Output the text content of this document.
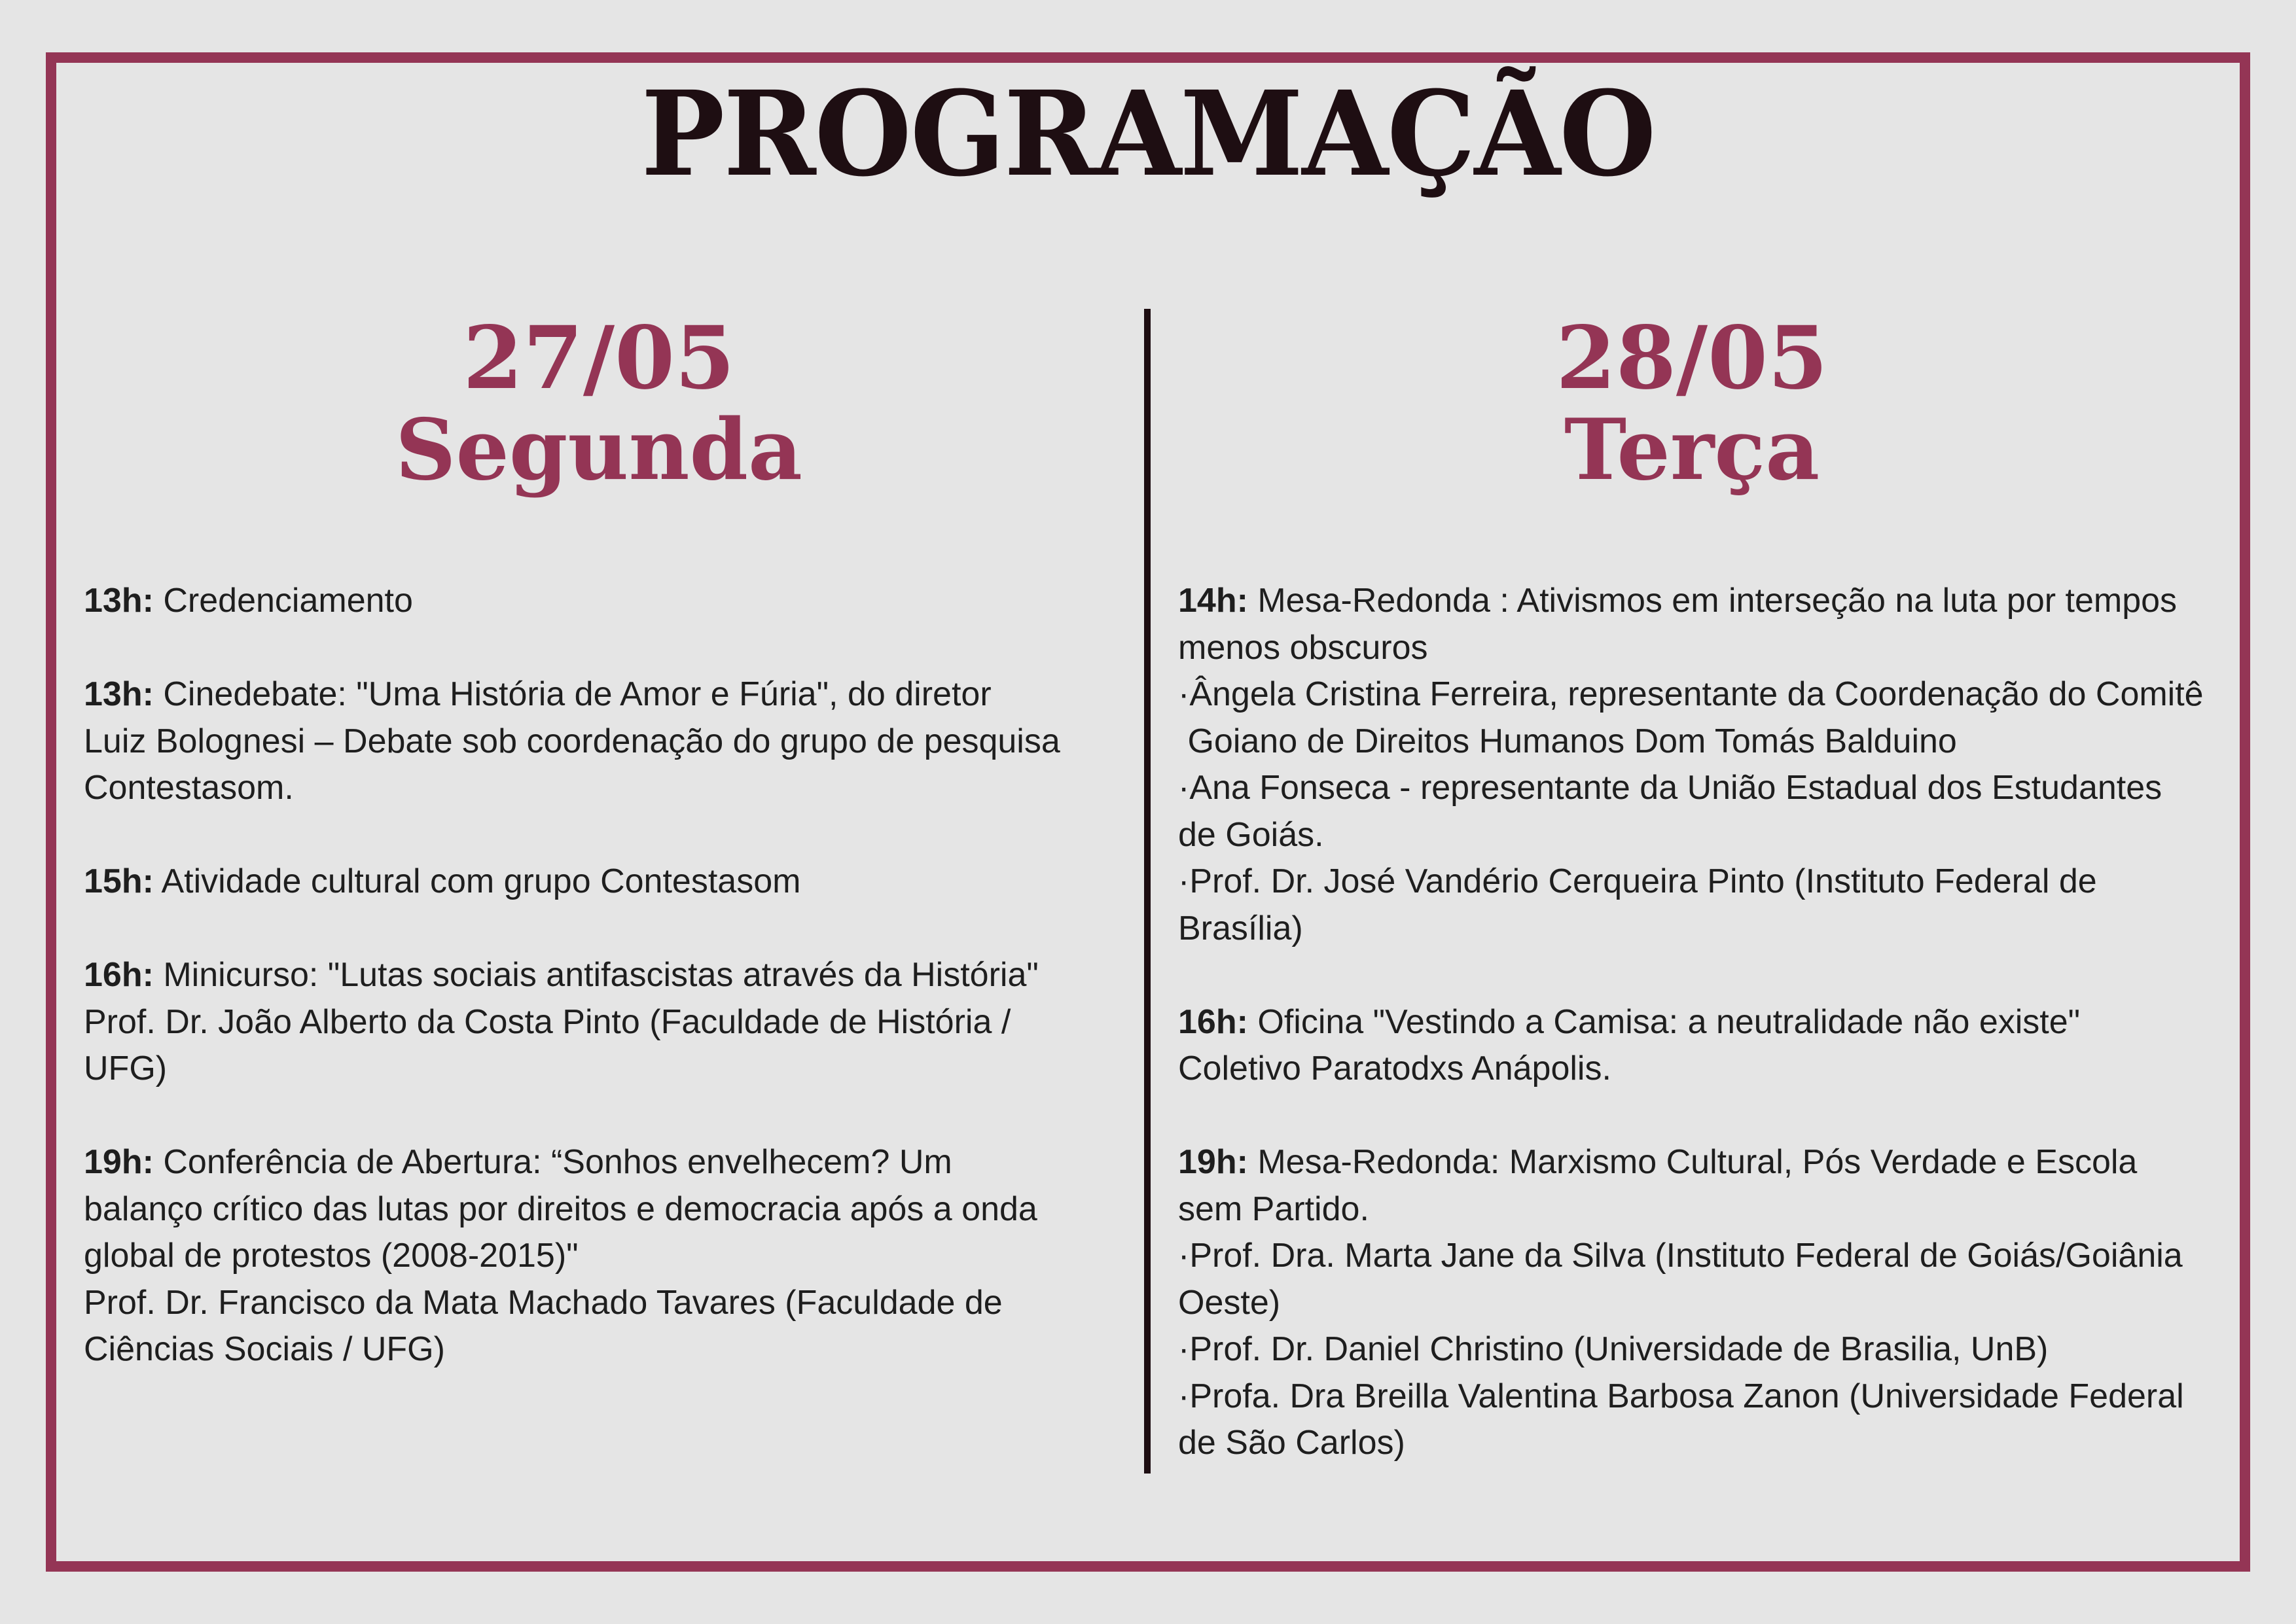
PROGRAMAÇÃO
27/05
Segunda
28/05
Terça
13h: Credenciamento
13h: Cinedebate: "Uma História de Amor e Fúria", do diretor
Luiz Bolognesi – Debate sob coordenação do grupo de pesquisa
Contestasom.
15h: Atividade cultural com grupo Contestasom
16h: Minicurso: "Lutas sociais antifascistas através da História"
Prof. Dr. João Alberto da Costa Pinto (Faculdade de História /
UFG)
19h: Conferência de Abertura: “Sonhos envelhecem? Um
balanço crítico das lutas por direitos e democracia após a onda
global de protestos (2008-2015)"
Prof. Dr. Francisco da Mata Machado Tavares (Faculdade de
Ciências Sociais / UFG)
14h: Mesa-Redonda : Ativismos em interseção na luta por tempos
menos obscuros
·Ângela Cristina Ferreira, representante da Coordenação do Comitê
Goiano de Direitos Humanos Dom Tomás Balduino
·Ana Fonseca - representante da União Estadual dos Estudantes
de Goiás.
·Prof. Dr. José Vandério Cerqueira Pinto (Instituto Federal de
Brasília)
16h: Oficina "Vestindo a Camisa: a neutralidade não existe"
Coletivo Paratodxs Anápolis.
19h: Mesa-Redonda: Marxismo Cultural, Pós Verdade e Escola
sem Partido.
·Prof. Dra. Marta Jane da Silva (Instituto Federal de Goiás/Goiânia
Oeste)
·Prof. Dr. Daniel Christino (Universidade de Brasilia, UnB)
·Profa. Dra Breilla Valentina Barbosa Zanon (Universidade Federal
de São Carlos)
